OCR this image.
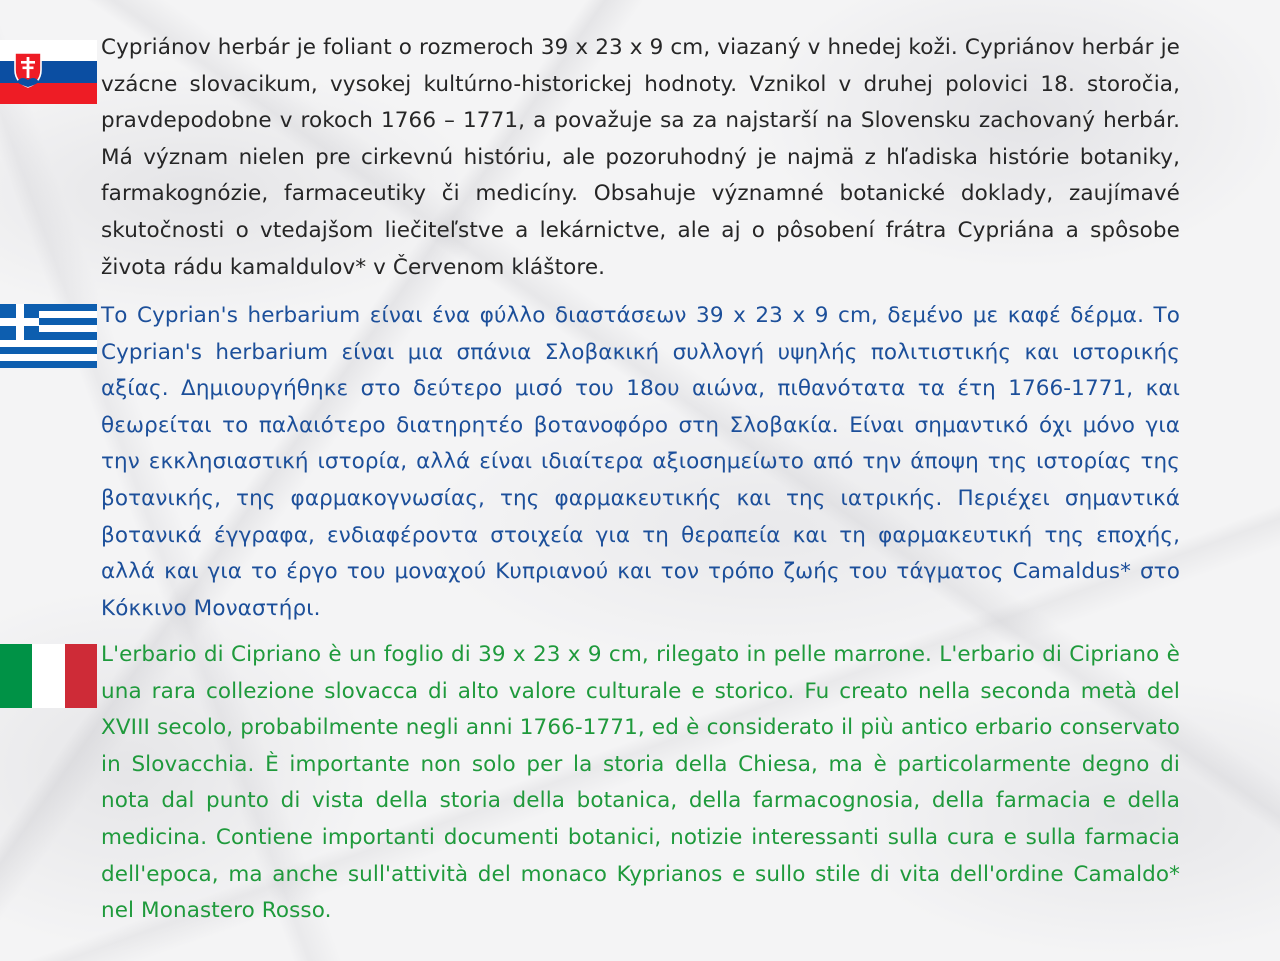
Cypriánov herbár je foliant o rozmeroch 39 x 23 x 9 cm, viazaný v hnedej koži. Cypriánov herbár je vzácne slovacikum, vysokej kultúrno-historickej hodnoty. Vznikol v druhej polovici 18. storočia, pravdepodobne v rokoch 1766 – 1771, a považuje sa za najstarší na Slovensku zachovaný herbár. Má význam nielen pre cirkevnú históriu, ale pozoruhodný je najmä z hľadiska histórie botaniky, farmakognózie, farmaceutiky či medicíny. Obsahuje významné botanické doklady, zaujímavé skutočnosti o vtedajšom liečiteľstve a lekárnictve, ale aj o pôsobení frátra Cypriána a spôsobe života rádu kamaldulov* v Červenom kláštore.

Το Cyprian's herbarium είναι ένα φύλλο διαστάσεων 39 x 23 x 9 cm, δεμένο με καφέ δέρμα. Το Cyprian's herbarium είναι μια σπάνια Σλοβακική συλλογή υψηλής πολιτιστικής και ιστορικής αξίας. Δημιουργήθηκε στο δεύτερο μισό του 18ου αιώνα, πιθανότατα τα έτη 1766-1771, και θεωρείται το παλαιότερο διατηρητέο βοτανοφόρο στη Σλοβακία. Είναι σημαντικό όχι μόνο για την εκκλησιαστική ιστορία, αλλά είναι ιδιαίτερα αξιοσημείωτο από την άποψη της ιστορίας της βοτανικής, της φαρμακογνωσίας, της φαρμακευτικής και της ιατρικής. Περιέχει σημαντικά βοτανικά έγγραφα, ενδιαφέροντα στοιχεία για τη θεραπεία και τη φαρμακευτική της εποχής, αλλά και για το έργο του μοναχού Κυπριανού και τον τρόπο ζωής του τάγματος Camaldus* στο Κόκκινο Μοναστήρι.

L'erbario di Cipriano è un foglio di 39 x 23 x 9 cm, rilegato in pelle marrone. L'erbario di Cipriano è una rara collezione slovacca di alto valore culturale e storico. Fu creato nella seconda metà del XVIII secolo, probabilmente negli anni 1766-1771, ed è considerato il più antico erbario conservato in Slovacchia. È importante non solo per la storia della Chiesa, ma è particolarmente degno di nota dal punto di vista della storia della botanica, della farmacognosia, della farmacia e della medicina. Contiene importanti documenti botanici, notizie interessanti sulla cura e sulla farmacia dell'epoca, ma anche sull'attività del monaco Kyprianos e sullo stile di vita dell'ordine Camaldo* nel Monastero Rosso.
